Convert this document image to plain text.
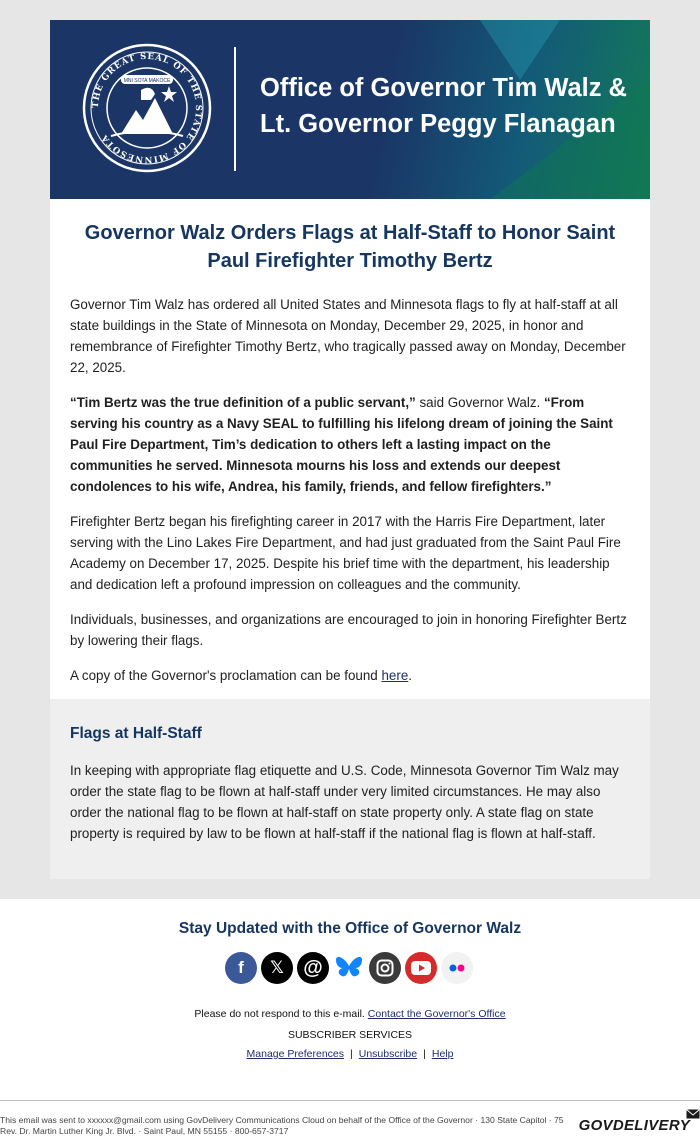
THE GREAT SEAL OF THE STATE OF MINNESOTA
MNI SOTA MAKOCE	Office of Governor Tim Walz &
Lt. Governor Peggy Flanagan
Governor Walz Orders Flags at Half-Staff to Honor Saint Paul Firefighter Timothy Bertz

Governor Tim Walz has ordered all United States and Minnesota flags to fly at half-staff at all state buildings in the State of Minnesota on Monday, December 29, 2025, in honor and remembrance of Firefighter Timothy Bertz, who tragically passed away on Monday, December 22, 2025.

“Tim Bertz was the true definition of a public servant,” said Governor Walz. “From serving his country as a Navy SEAL to fulfilling his lifelong dream of joining the Saint Paul Fire Department, Tim’s dedication to others left a lasting impact on the communities he served. Minnesota mourns his loss and extends our deepest condolences to his wife, Andrea, his family, friends, and fellow firefighters.”

Firefighter Bertz began his firefighting career in 2017 with the Harris Fire Department, later serving with the Lino Lakes Fire Department, and had just graduated from the Saint Paul Fire Academy on December 17, 2025. Despite his brief time with the department, his leadership and dedication left a profound impression on colleagues and the community.

Individuals, businesses, and organizations are encouraged to join in honoring Firefighter Bertz by lowering their flags.

A copy of the Governor's proclamation can be found here.

Flags at Half-Staff

In keeping with appropriate flag etiquette and U.S. Code, Minnesota Governor Tim Walz may order the state flag to be flown at half-staff under very limited circumstances. He may also order the national flag to be flown at half-staff on state property only. A state flag on state property is required by law to be flown at half-staff if the national flag is flown at half-staff.

Stay Updated with the Office of Governor Walz
f	𝕏 @
Please do not respond to this e-mail. Contact the Governor's Office
SUBSCRIBER SERVICES
Manage Preferences | Unsubscribe | Help
This email was sent to xxxxxx@gmail.com using GovDelivery Communications Cloud on behalf of the Office of the Governor · 130 State Capitol · 75 Rev. Dr. Martin Luther King Jr. Blvd. · Saint Paul, MN 55155 · 800-657-3717	GOVDELIVERY
